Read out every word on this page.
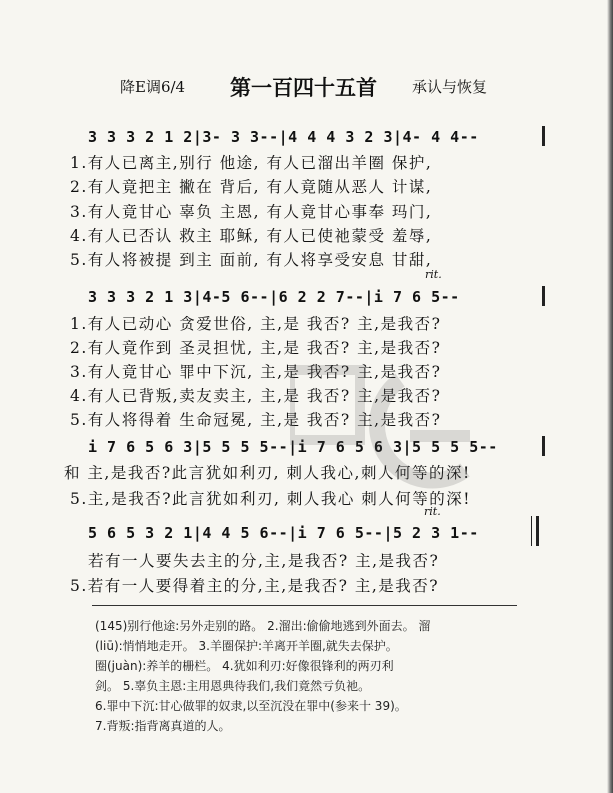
降E调6/4 第一百四十五首 承认与恢复
3 3 3 2 1 2|3- 3 3--|4 4 4 3 2 3|4- 4 4--
1.有人已离主,别行 他途, 有人已溜出羊圈 保护,
2.有人竟把主 撇在 背后, 有人竟随从恶人 计谋,
3.有人竟甘心 辜负 主恩, 有人竟甘心事奉 玛门,
4.有人已否认 救主 耶稣, 有人已使祂蒙受 羞辱,
5.有人将被提 到主 面前, 有人将享受安息 甘甜,
rit.
3 3 3 2 1 3|4-5 6--|6 2 2 7--|i 7 6 5--
1.有人已动心 贪爱世俗, 主,是 我否? 主,是我否?
2.有人竟作到 圣灵担忧, 主,是 我否? 主,是我否?
3.有人竟甘心 罪中下沉, 主,是 我否? 主,是我否?
4.有人已背叛,卖友卖主, 主,是 我否? 主,是我否?
5.有人将得着 生命冠冕, 主,是 我否? 主,是我否?
i 7 6 5 6 3|5 5 5 5--|i 7 6 5 6 3|5 5 5 5--
和 主,是我否?此言犹如利刃, 刺人我心,刺人何等的深!
5.主,是我否?此言犹如利刃, 刺人我心 刺人何等的深!
rit.
5 6 5 3 2 1|4 4 5 6--|i 7 6 5--|5 2 3 1--
若有一人要失去主的分,主,是我否? 主,是我否?
5.若有一人要得着主的分,主,是我否? 主,是我否?
(145)别行他途:另外走别的路。 2.溜出:偷偷地逃到外面去。 溜
(liū):悄悄地走开。 3.羊圈保护:羊离开羊圈,就失去保护。
圈(juàn):养羊的栅栏。 4.犹如利刃:好像很锋利的两刃利
剑。 5.辜负主恩:主用恩典待我们,我们竟然亏负祂。
6.罪中下沉:甘心做罪的奴隶,以至沉没在罪中(参来十 39)。
7.背叛:指背离真道的人。
